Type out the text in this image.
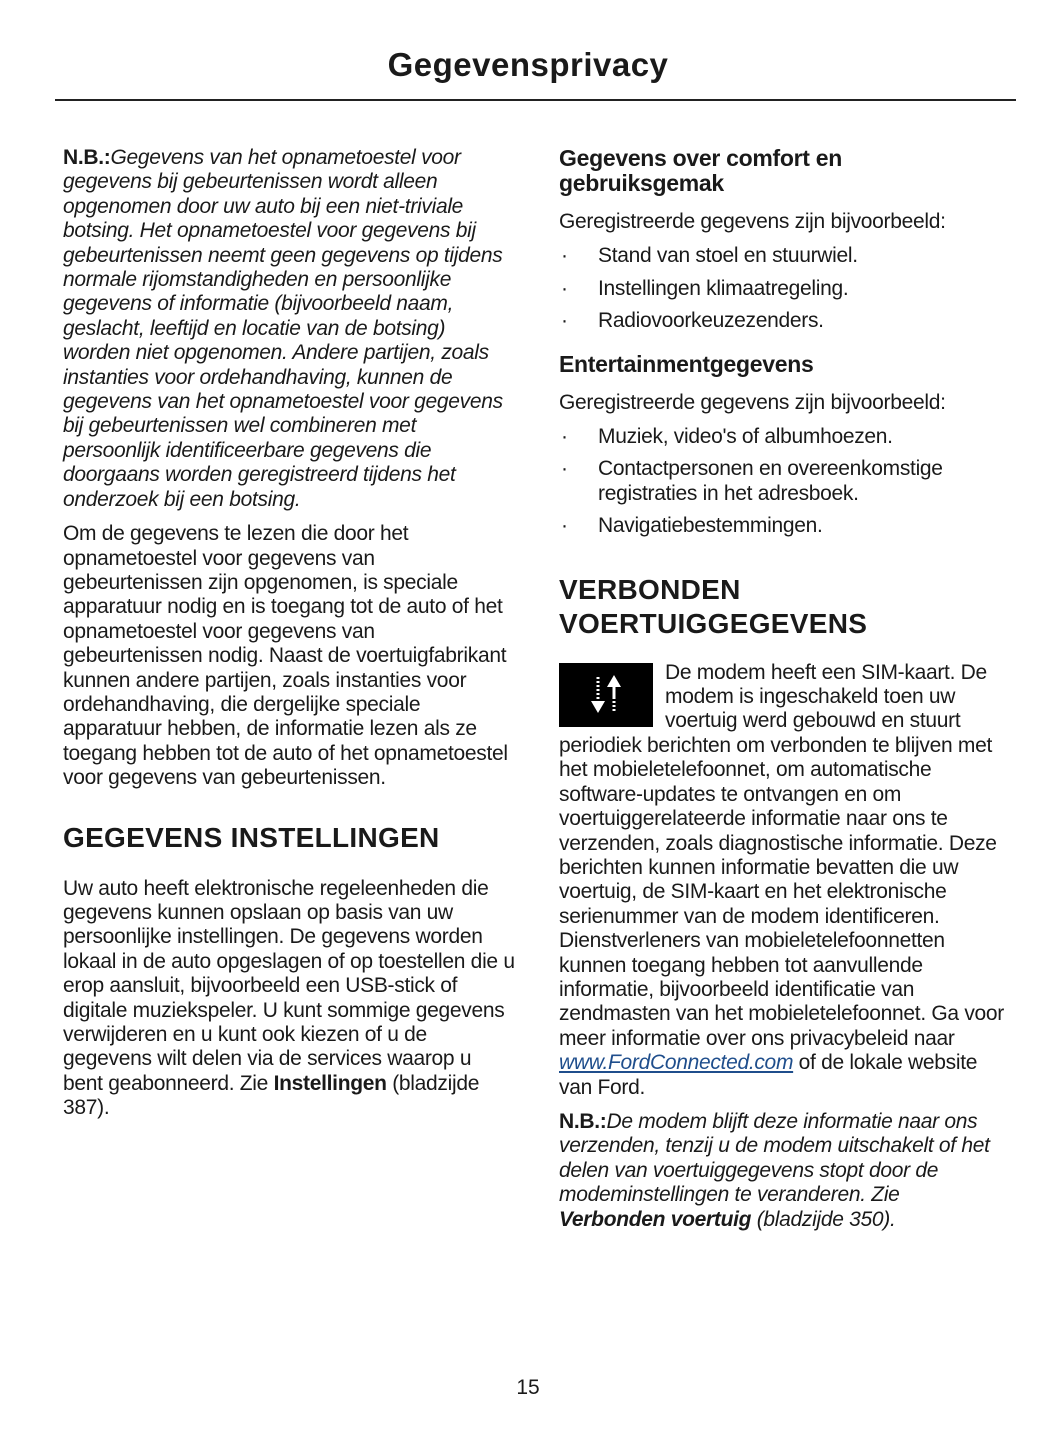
Gegevensprivacy

N.B.:Gegevens van het opnametoestel voor gegevens bij gebeurtenissen wordt alleen opgenomen door uw auto bij een niet-triviale botsing. Het opnametoestel voor gegevens bij gebeurtenissen neemt geen gegevens op tijdens normale rijomstandigheden en persoonlijke gegevens of informatie (bijvoorbeeld naam, geslacht, leeftijd en locatie van de botsing) worden niet opgenomen. Andere partijen, zoals instanties voor ordehandhaving, kunnen de gegevens van het opnametoestel voor gegevens bij gebeurtenissen wel combineren met persoonlijk identificeerbare gegevens die doorgaans worden geregistreerd tijdens het onderzoek bij een botsing.

Om de gegevens te lezen die door het opnametoestel voor gegevens van gebeurtenissen zijn opgenomen, is speciale apparatuur nodig en is toegang tot de auto of het opnametoestel voor gegevens van gebeurtenissen nodig. Naast de voertuigfabrikant kunnen andere partijen, zoals instanties voor ordehandhaving, die dergelijke speciale apparatuur hebben, de informatie lezen als ze toegang hebben tot de auto of het opnametoestel voor gegevens van gebeurtenissen.

GEGEVENS INSTELLINGEN

Uw auto heeft elektronische regeleenheden die gegevens kunnen opslaan op basis van uw persoonlijke instellingen. De gegevens worden lokaal in de auto opgeslagen of op toestellen die u erop aansluit, bijvoorbeeld een USB-stick of digitale muziekspeler. U kunt sommige gegevens verwijderen en u kunt ook kiezen of u de gegevens wilt delen via de services waarop u bent geabonneerd. Zie Instellingen (bladzijde 387).

Gegevens over comfort en gebruiksgemak

Geregistreerde gegevens zijn bijvoorbeeld:

· Stand van stoel en stuurwiel.
· Instellingen klimaatregeling.
· Radiovoorkeuzezenders.
Entertainmentgegevens

Geregistreerde gegevens zijn bijvoorbeeld:

· Muziek, video's of albumhoezen.
· Contactpersonen en overeenkomstige registraties in het adresboek.
· Navigatiebestemmingen.
VERBONDEN
VOERTUIGGEGEVENS

De modem heeft een SIM-kaart. De modem is ingeschakeld toen uw voertuig werd gebouwd en stuurt periodiek berichten om verbonden te blijven met het mobieletelefoonnet, om automatische software-updates te ontvangen en om voertuiggerelateerde informatie naar ons te verzenden, zoals diagnostische informatie. Deze berichten kunnen informatie bevatten die uw voertuig, de SIM-kaart en het elektronische serienummer van de modem identificeren. Dienstverleners van mobieletelefoonnetten kunnen toegang hebben tot aanvullende informatie, bijvoorbeeld identificatie van zendmasten van het mobieletelefoonnet. Ga voor meer informatie over ons privacybeleid naar www.FordConnected.com of de lokale website van Ford.

N.B.:De modem blijft deze informatie naar ons verzenden, tenzij u de modem uitschakelt of het delen van voertuiggegevens stopt door de modeminstellingen te veranderen. Zie Verbonden voertuig (bladzijde 350).

15
